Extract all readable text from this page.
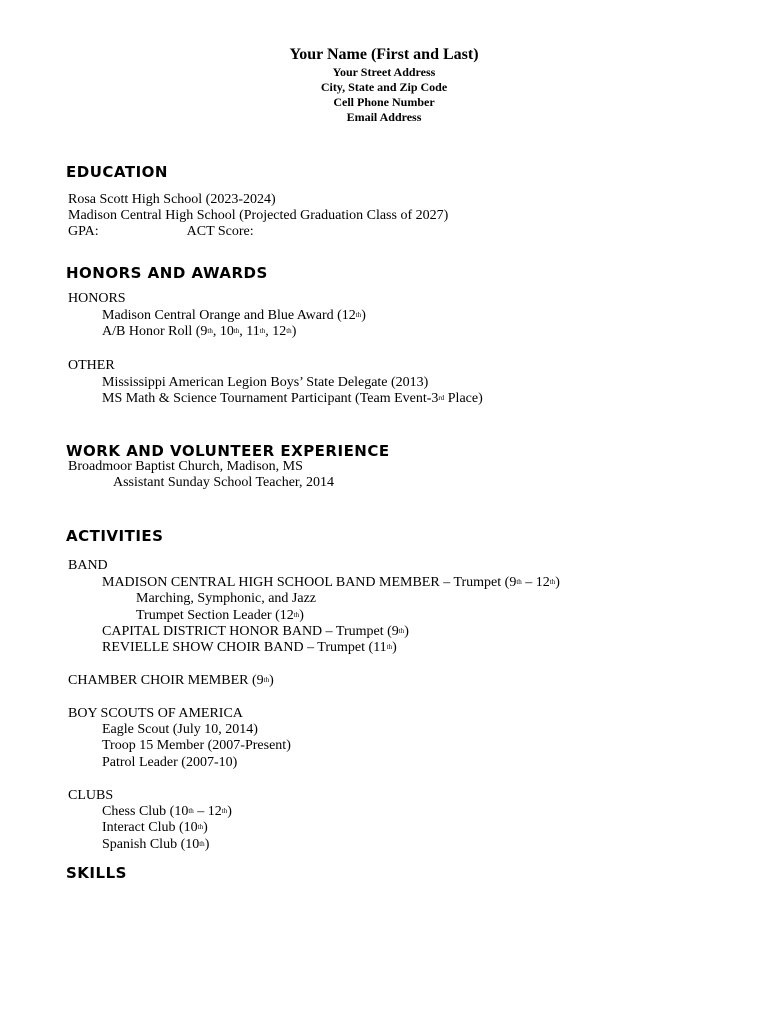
Your Name (First and Last)
Your Street Address
City, State and Zip Code
Cell Phone Number
Email Address
EDUCATION
Rosa Scott High School (2023-2024)
Madison Central High School (Projected Graduation Class of 2027)
GPA:	ACT Score:
HONORS AND AWARDS
HONORS
Madison Central Orange and Blue Award (12th)
A/B Honor Roll (9th, 10th, 11th, 12th)
OTHER
Mississippi American Legion Boys’ State Delegate (2013)
MS Math & Science Tournament Participant (Team Event-3rd Place)
WORK AND VOLUNTEER EXPERIENCE
Broadmoor Baptist Church, Madison, MS
Assistant Sunday School Teacher, 2014
ACTIVITIES
BAND
MADISON CENTRAL HIGH SCHOOL BAND MEMBER – Trumpet (9th – 12th)
Marching, Symphonic, and Jazz
Trumpet Section Leader (12th)
CAPITAL DISTRICT HONOR BAND – Trumpet (9th)
REVIELLE SHOW CHOIR BAND – Trumpet (11th)
CHAMBER CHOIR MEMBER (9th)
BOY SCOUTS OF AMERICA
Eagle Scout (July 10, 2014)
Troop 15 Member (2007-Present)
Patrol Leader (2007-10)
CLUBS
Chess Club (10th – 12th)
Interact Club (10th)
Spanish Club (10th)
SKILLS
